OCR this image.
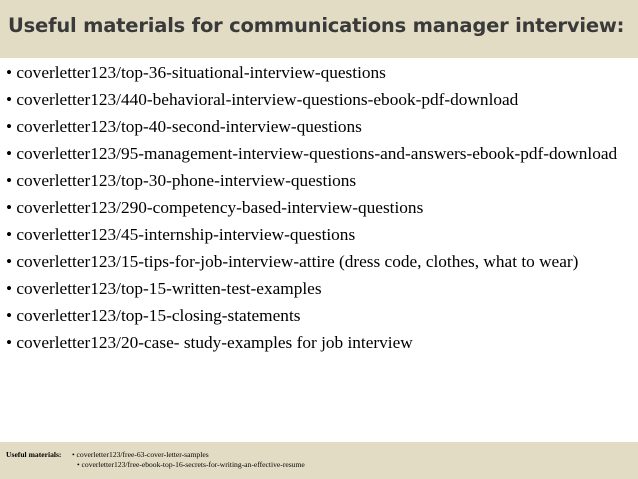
Useful materials for communications manager interview:
• coverletter123/top-36-situational-interview-questions
• coverletter123/440-behavioral-interview-questions-ebook-pdf-download
• coverletter123/top-40-second-interview-questions
• coverletter123/95-management-interview-questions-and-answers-ebook-pdf-download
• coverletter123/top-30-phone-interview-questions
• coverletter123/290-competency-based-interview-questions
• coverletter123/45-internship-interview-questions
• coverletter123/15-tips-for-job-interview-attire (dress code, clothes, what to wear)
• coverletter123/top-15-written-test-examples
• coverletter123/top-15-closing-statements
• coverletter123/20-case- study-examples for job interview
Useful materials: • coverletter123/free-63-cover-letter-samples
• coverletter123/free-ebook-top-16-secrets-for-writing-an-effective-resume
